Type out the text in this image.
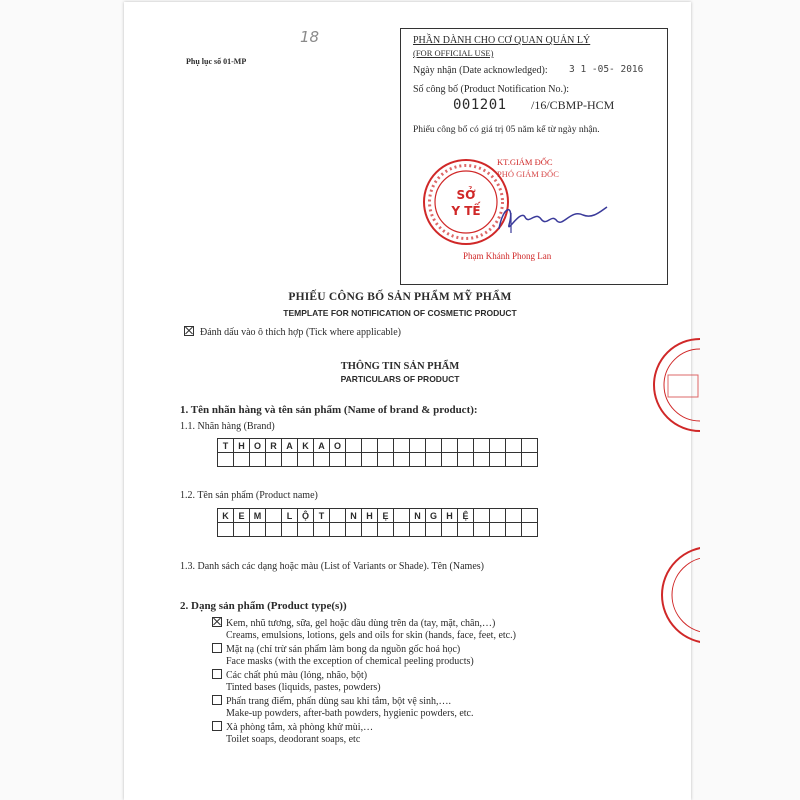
18
Phụ lục số 01-MP
PHẦN DÀNH CHO CƠ QUAN QUẢN LÝ
(FOR OFFICIAL USE)
Ngày nhận (Date acknowledged): 3 1 -05- 2016
Số công bố (Product Notification No.):
001201 /16/CBMP-HCM
Phiếu công bố có giá trị 05 năm kể từ ngày nhận.
KT.GIÁM ĐỐC
PHÓ GIÁM ĐỐC
SỞ
Y TẾ
Phạm Khánh Phong Lan
PHIẾU CÔNG BỐ SẢN PHẨM MỸ PHẨM
TEMPLATE FOR NOTIFICATION OF COSMETIC PRODUCT
Đánh dấu vào ô thích hợp (Tick where applicable)
THÔNG TIN SẢN PHẨM
PARTICULARS OF PRODUCT
1. Tên nhãn hàng và tên sản phẩm (Name of brand & product):
1.1. Nhãn hàng (Brand)
T	H	O	R	A	K	A	O
1.2. Tên sản phẩm (Product name)
K	E	M	L	Ộ	T	N	H	Ẹ	N	G	H	Ệ
1.3. Danh sách các dạng hoặc màu (List of Variants or Shade). Tên (Names)
2. Dạng sản phẩm (Product type(s))
Kem, nhũ tương, sữa, gel hoặc dầu dùng trên da (tay, mặt, chân,…)
Creams, emulsions, lotions, gels and oils for skin (hands, face, feet, etc.)
Mặt nạ (chỉ trừ sản phẩm làm bong da nguồn gốc hoá học)
Face masks (with the exception of chemical peeling products)
Các chất phủ màu (lỏng, nhão, bột)
Tinted bases (liquids, pastes, powders)
Phấn trang điểm, phấn dùng sau khi tắm, bột vệ sinh,….
Make-up powders, after-bath powders, hygienic powders, etc.
Xà phòng tắm, xà phòng khử mùi,…
Toilet soaps, deodorant soaps, etc
